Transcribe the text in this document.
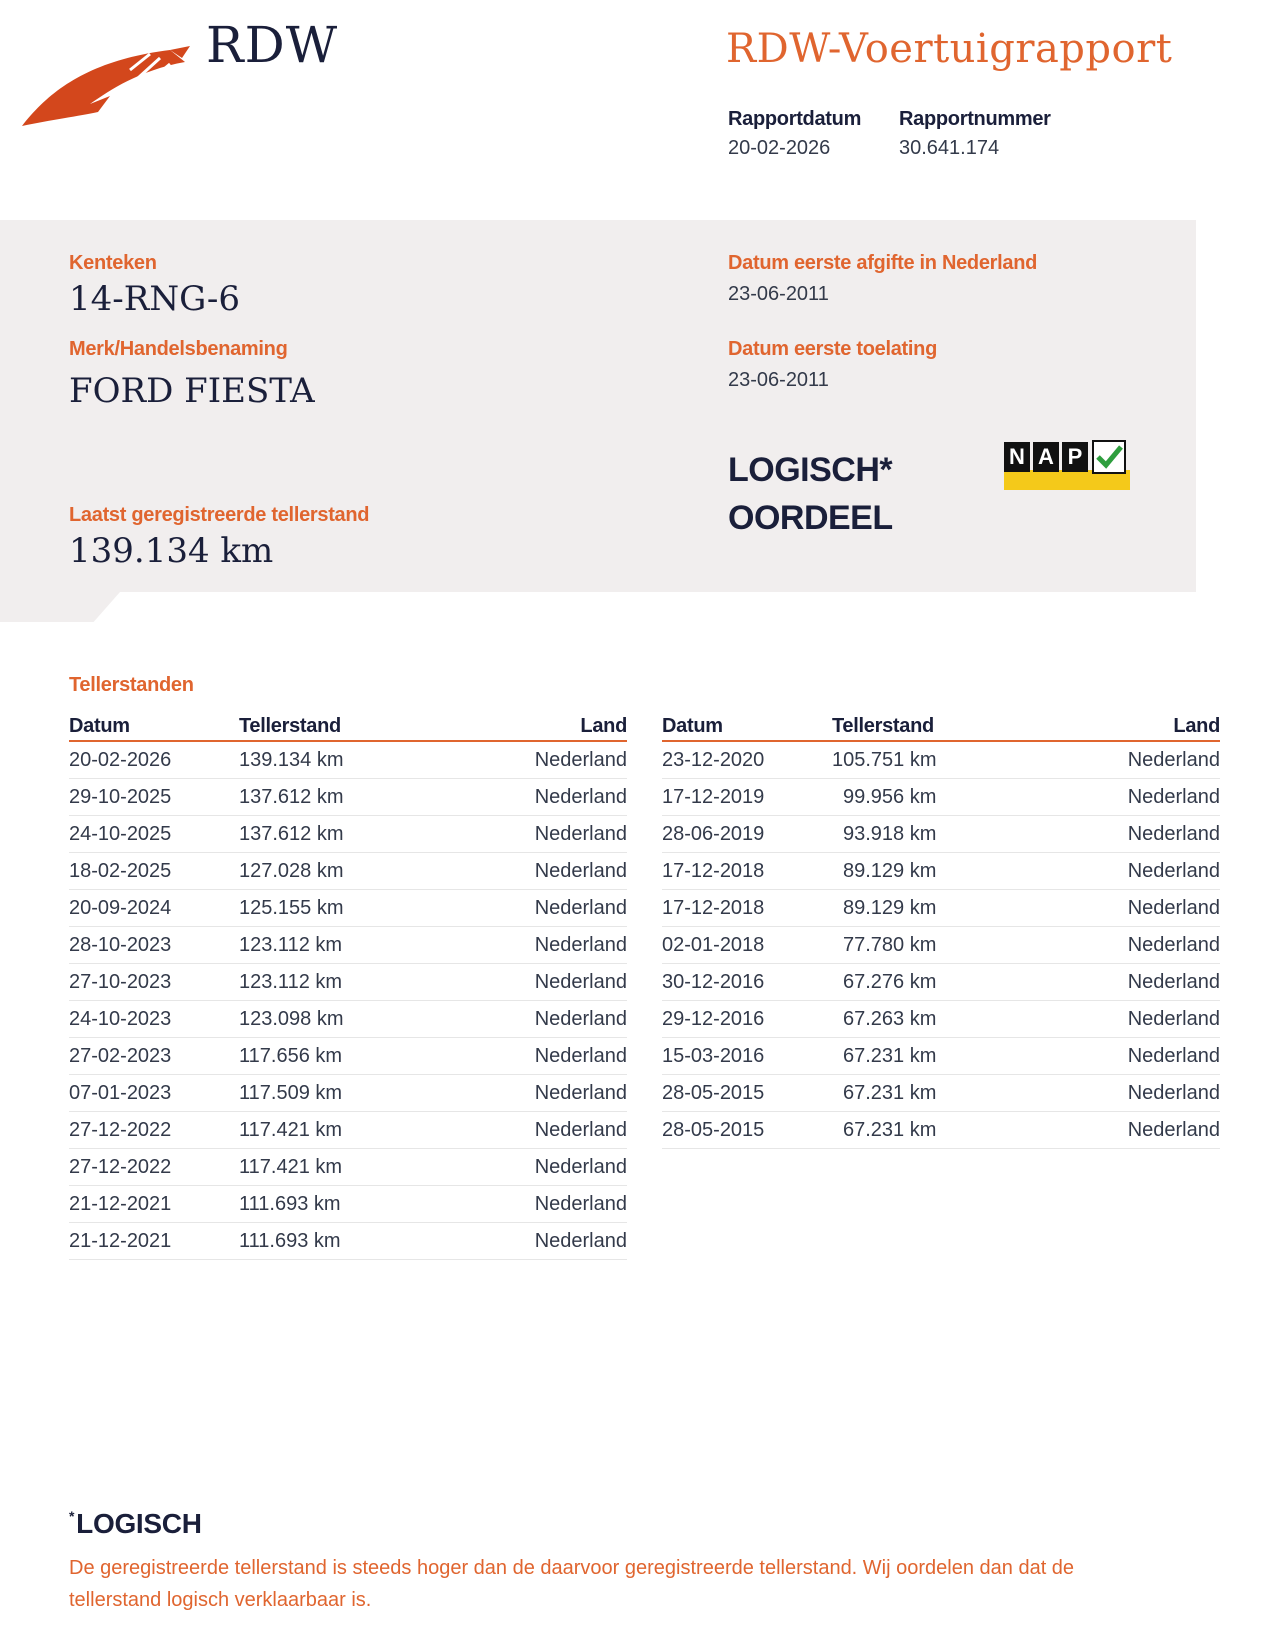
RDW	RDW-Voertuigrapport
Rapportdatum
20-02-2026
Rapportnummer
30.641.174
Kenteken
14-RNG-6
Merk/Handelsbenaming
FORD FIESTA
Laatst geregistreerde tellerstand
139.134 km
Datum eerste afgifte in Nederland
23-06-2011
Datum eerste toelating
23-06-2011
LOGISCH*
OORDEEL
N A P
Tellerstanden
Datum	Tellerstand	Land
20-02-2026	139.134 km	Nederland
29-10-2025	137.612 km	Nederland
24-10-2025	137.612 km	Nederland
18-02-2025	127.028 km	Nederland
20-09-2024	125.155 km	Nederland
28-10-2023	123.112 km	Nederland
27-10-2023	123.112 km	Nederland
24-10-2023	123.098 km	Nederland
27-02-2023	117.656 km	Nederland
07-01-2023	117.509 km	Nederland
27-12-2022	117.421 km	Nederland
27-12-2022	117.421 km	Nederland
21-12-2021	111.693 km	Nederland
21-12-2021	111.693 km	Nederland
Datum	Tellerstand	Land
23-12-2020	105.751 km	Nederland
17-12-2019	99.956 km	Nederland
28-06-2019	93.918 km	Nederland
17-12-2018	89.129 km	Nederland
17-12-2018	89.129 km	Nederland
02-01-2018	77.780 km	Nederland
30-12-2016	67.276 km	Nederland
29-12-2016	67.263 km	Nederland
15-03-2016	67.231 km	Nederland
28-05-2015	67.231 km	Nederland
28-05-2015	67.231 km	Nederland
*LOGISCH
De geregistreerde tellerstand is steeds hoger dan de daarvoor geregistreerde tellerstand. Wij oordelen dan dat de tellerstand logisch verklaarbaar is.
